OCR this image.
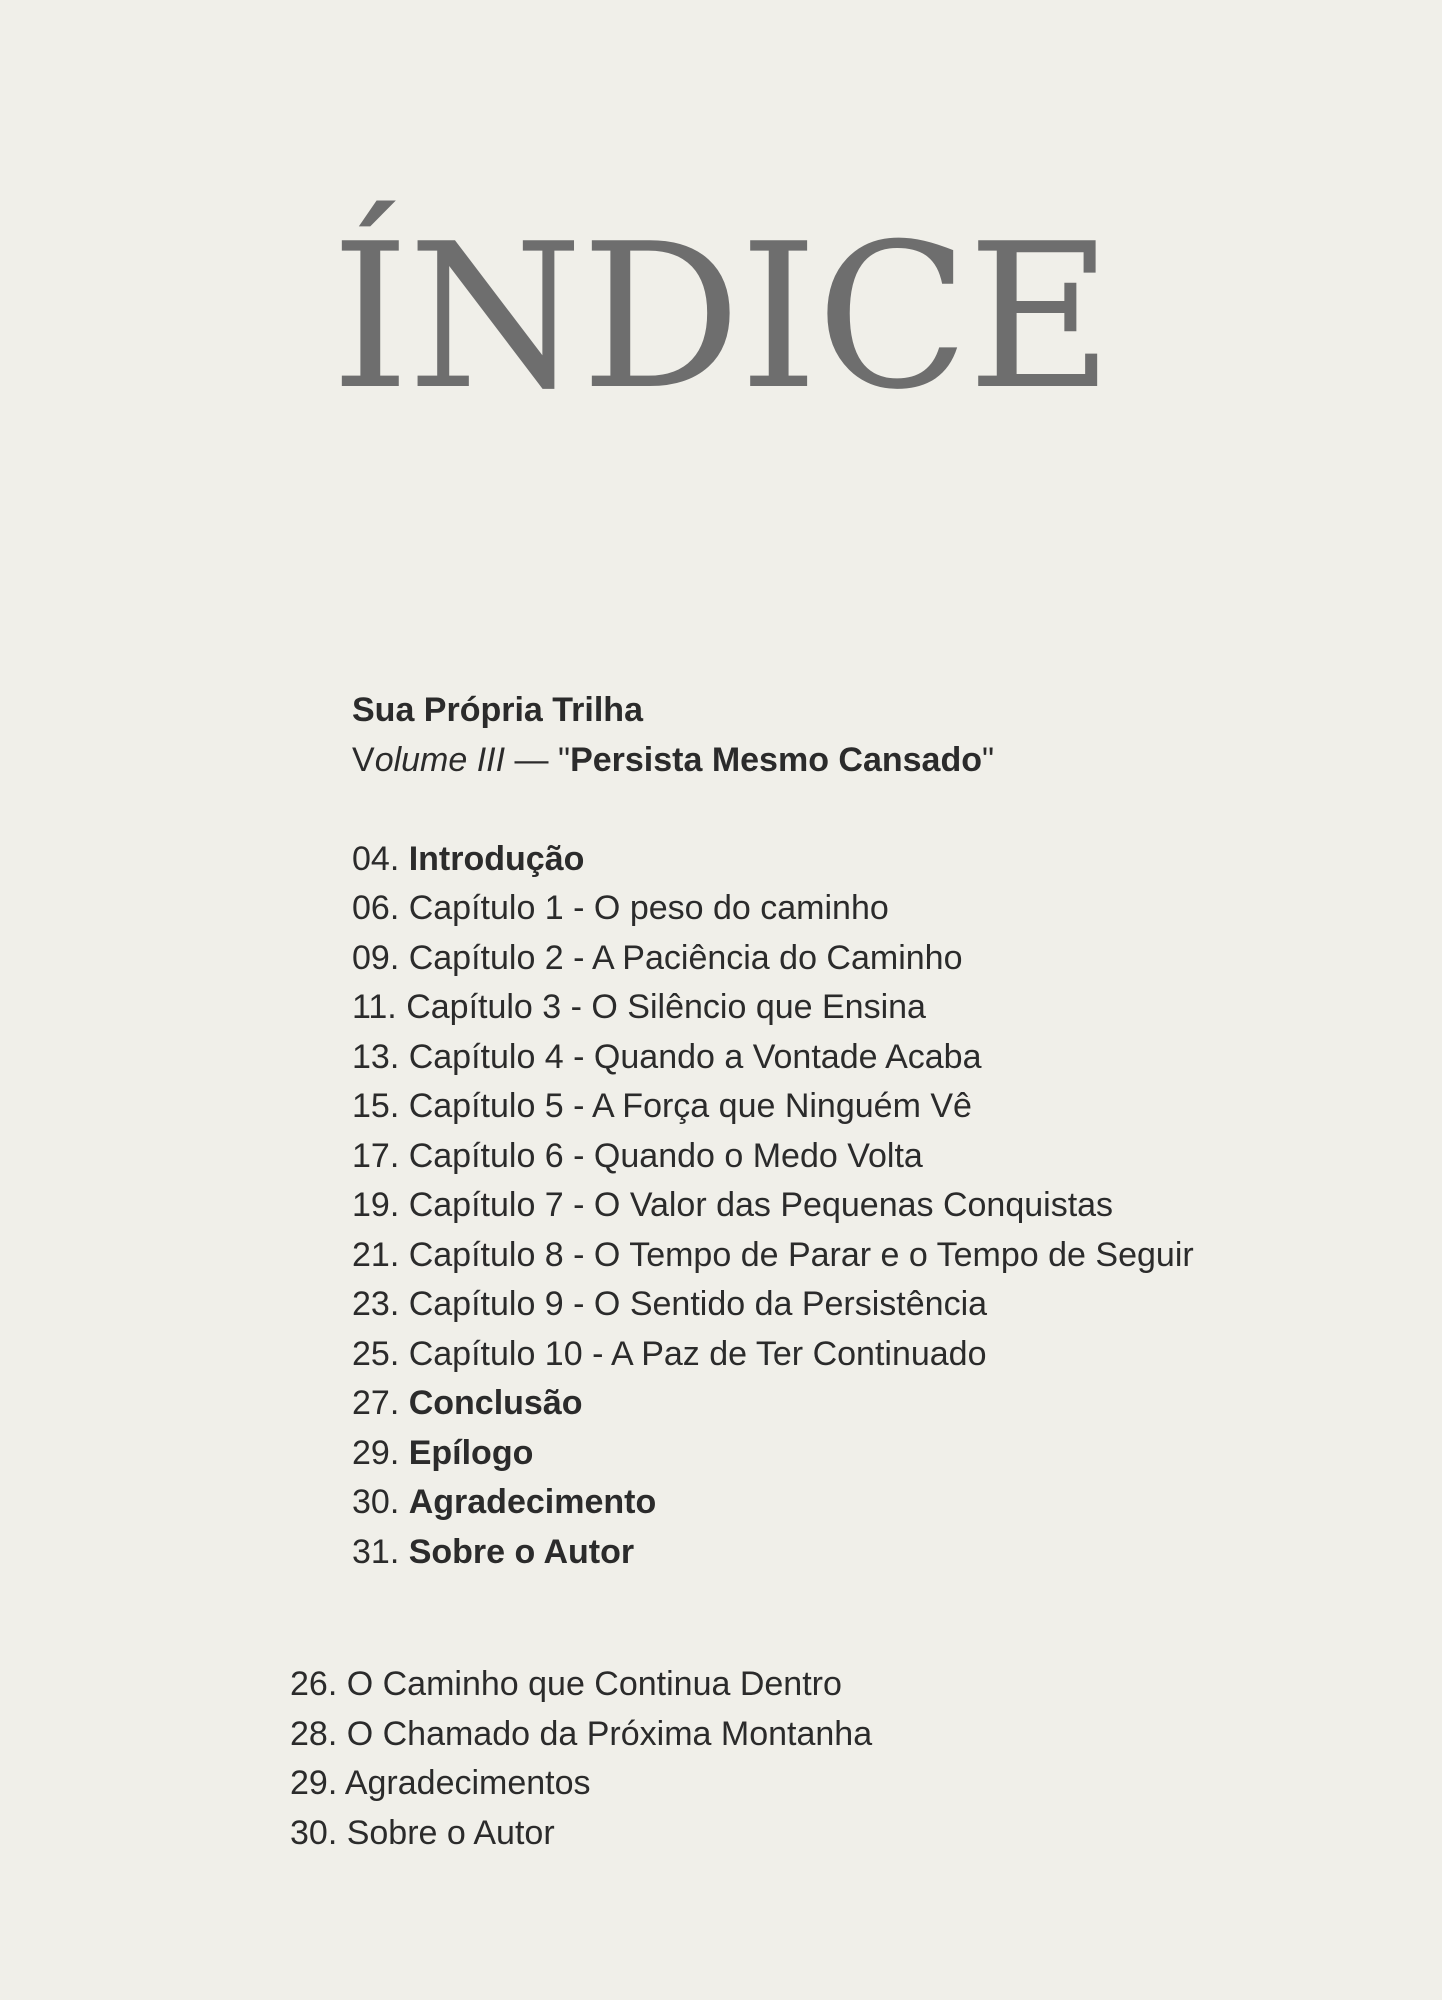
ÍNDICE
Sua Própria Trilha
Volume III — "Persista Mesmo Cansado"
04. Introdução
06. Capítulo 1 - O peso do caminho
09. Capítulo 2 - A Paciência do Caminho
11. Capítulo 3 - O Silêncio que Ensina
13. Capítulo 4 - Quando a Vontade Acaba
15. Capítulo 5 - A Força que Ninguém Vê
17. Capítulo 6 - Quando o Medo Volta
19. Capítulo 7 - O Valor das Pequenas Conquistas
21. Capítulo 8 - O Tempo de Parar e o Tempo de Seguir
23. Capítulo 9 - O Sentido da Persistência
25. Capítulo 10 - A Paz de Ter Continuado
27. Conclusão
29. Epílogo
30. Agradecimento
31. Sobre o Autor
26. O Caminho que Continua Dentro
28. O Chamado da Próxima Montanha
29. Agradecimentos
30. Sobre o Autor
